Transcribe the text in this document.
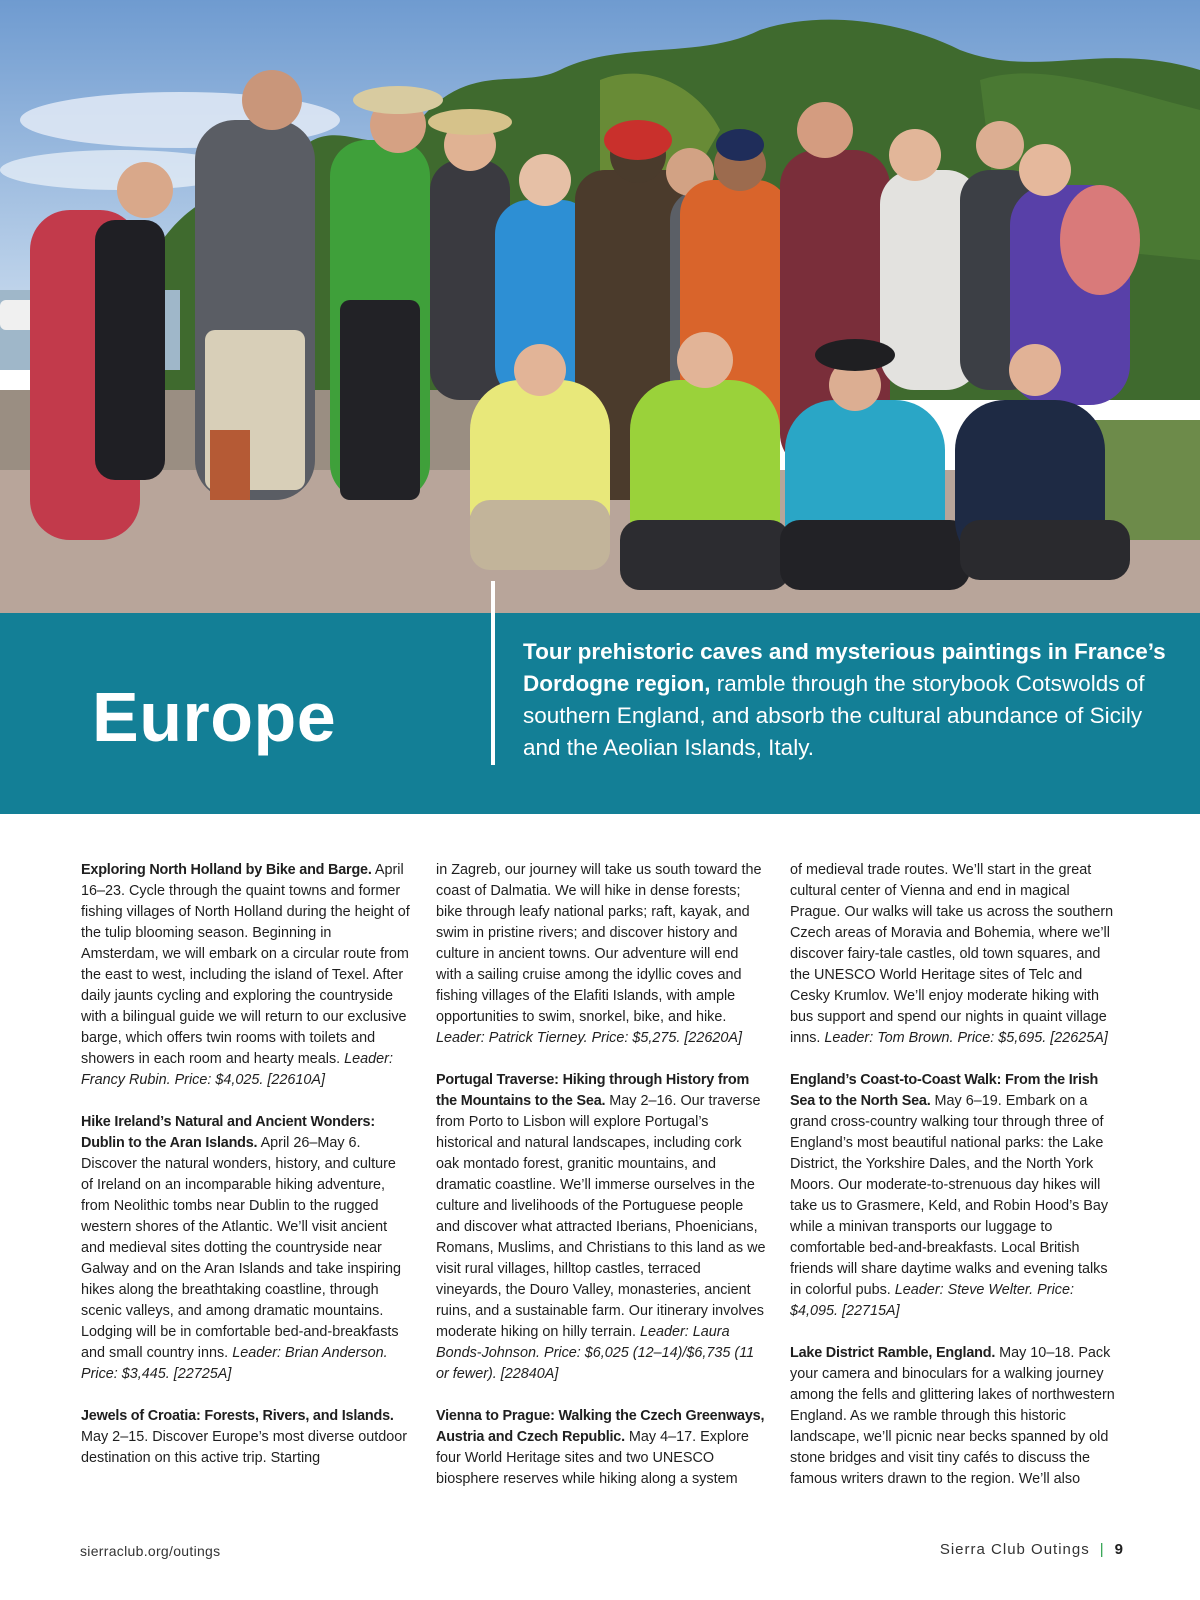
Europe
Tour prehistoric caves and mysterious paintings in France’s Dordogne region, ramble through the storybook Cotswolds of southern England, and absorb the cultural abundance of Sicily and the Aeolian Islands, Italy.

Exploring North Holland by Bike and Barge. April 16–23. Cycle through the quaint towns and former fishing villages of North Holland during the height of the tulip blooming season. Beginning in Amsterdam, we will embark on a circular route from the east to west, including the island of Texel. After daily jaunts cycling and exploring the countryside with a bilingual guide we will return to our exclusive barge, which offers twin rooms with toilets and showers in each room and hearty meals. Leader: Francy Rubin. Price: $4,025. [22610A]

Hike Ireland’s Natural and Ancient Wonders: Dublin to the Aran Islands. April 26–May 6. Discover the natural wonders, history, and culture of Ireland on an incomparable hiking adventure, from Neolithic tombs near Dublin to the rugged western shores of the Atlantic. We’ll visit ancient and medieval sites dotting the countryside near Galway and on the Aran Islands and take inspiring hikes along the breathtaking coastline, through scenic valleys, and among dramatic mountains. Lodging will be in comfortable bed-and-breakfasts and small country inns. Leader: Brian Anderson. Price: $3,445. [22725A]

Jewels of Croatia: Forests, Rivers, and Islands. May 2–15. Discover Europe’s most diverse outdoor destination on this active trip. Starting

in Zagreb, our journey will take us south toward the coast of Dalmatia. We will hike in dense forests; bike through leafy national parks; raft, kayak, and swim in pristine rivers; and discover history and culture in ancient towns. Our adventure will end with a sailing cruise among the idyllic coves and fishing villages of the Elafiti Islands, with ample opportunities to swim, snorkel, bike, and hike. Leader: Patrick Tierney. Price: $5,275. [22620A]

Portugal Traverse: Hiking through History from the Mountains to the Sea. May 2–16. Our traverse from Porto to Lisbon will explore Portugal’s historical and natural landscapes, including cork oak montado forest, granitic mountains, and dramatic coastline. We’ll immerse ourselves in the culture and livelihoods of the Portuguese people and discover what attracted Iberians, Phoenicians, Romans, Muslims, and Christians to this land as we visit rural villages, hilltop castles, terraced vineyards, the Douro Valley, monasteries, ancient ruins, and a sustainable farm. Our itinerary involves moderate hiking on hilly terrain. Leader: Laura Bonds-Johnson. Price: $6,025 (12–14)/$6,735 (11 or fewer). [22840A]

Vienna to Prague: Walking the Czech Greenways, Austria and Czech Republic. May 4–17. Explore four World Heritage sites and two UNESCO biosphere reserves while hiking along a system

of medieval trade routes. We’ll start in the great cultural center of Vienna and end in magical Prague. Our walks will take us across the southern Czech areas of Moravia and Bohemia, where we’ll discover fairy-tale castles, old town squares, and the UNESCO World Heritage sites of Telc and Cesky Krumlov. We’ll enjoy moderate hiking with bus support and spend our nights in quaint village inns. Leader: Tom Brown. Price: $5,695. [22625A]

England’s Coast-to-Coast Walk: From the Irish Sea to the North Sea. May 6–19. Embark on a grand cross-country walking tour through three of England’s most beautiful national parks: the Lake District, the Yorkshire Dales, and the North York Moors. Our moderate-to-strenuous day hikes will take us to Grasmere, Keld, and Robin Hood’s Bay while a minivan transports our luggage to comfortable bed-and-breakfasts. Local British friends will share daytime walks and evening talks in colorful pubs. Leader: Steve Welter. Price: $4,095. [22715A]

Lake District Ramble, England. May 10–18. Pack your camera and binoculars for a walking journey among the fells and glittering lakes of northwestern England. As we ramble through this historic landscape, we’ll picnic near becks spanned by old stone bridges and visit tiny cafés to discuss the famous writers drawn to the region. We’ll also

sierraclub.org/outings	Sierra Club Outings | 9
